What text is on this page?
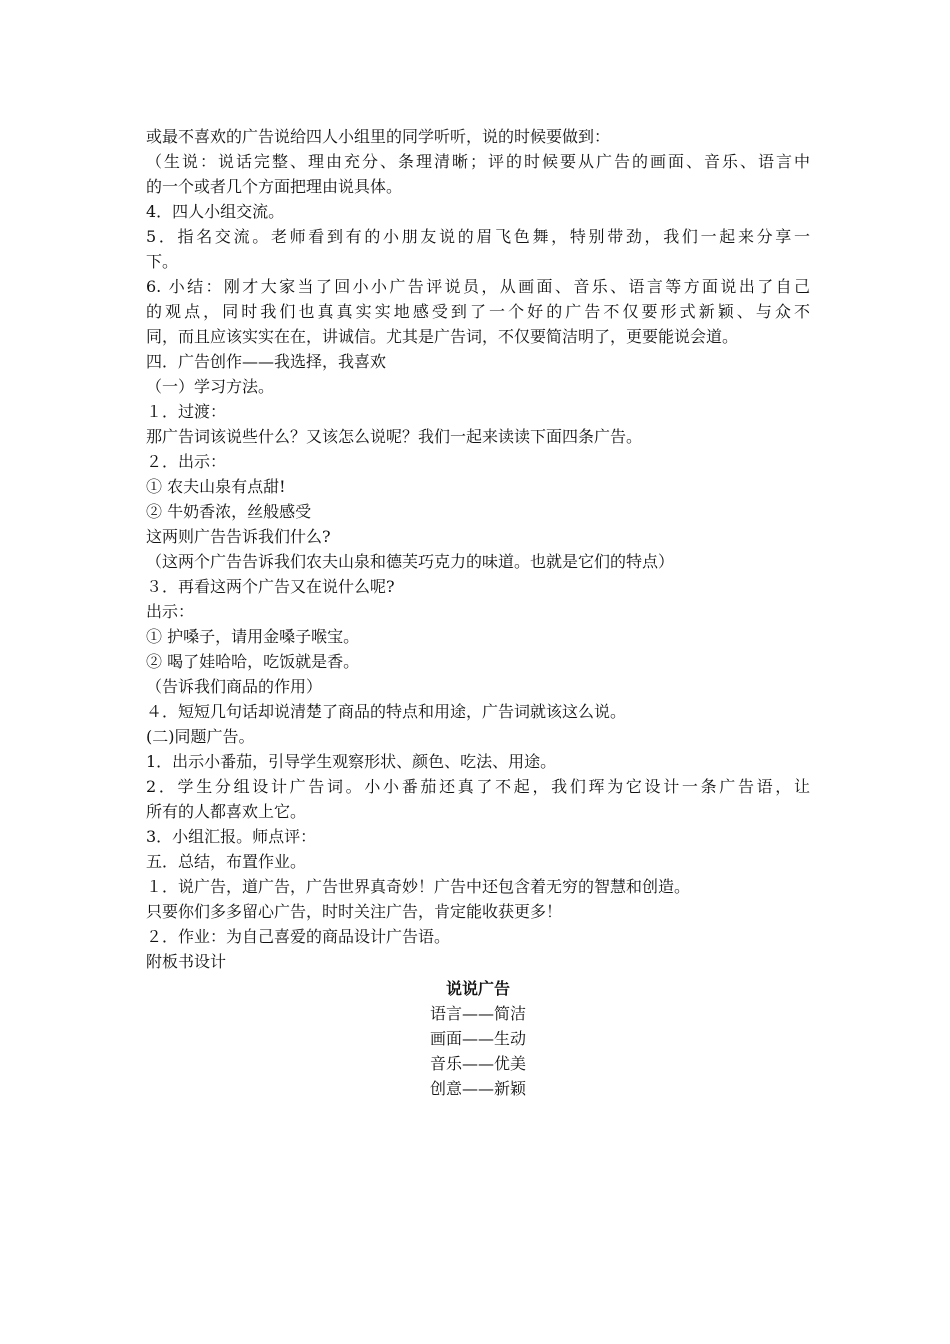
或最不喜欢的广告说给四人小组里的同学听听，说的时候要做到：
（生说：说话完整、理由充分、条理清晰；评的时候要从广告的画面、音乐、语言中
的一个或者几个方面把理由说具体。
4．四人小组交流。
5．指名交流。老师看到有的小朋友说的眉飞色舞，特别带劲，我们一起来分享一
下。
6. 小结：刚才大家当了回小小广告评说员，从画面、音乐、语言等方面说出了自己
的观点，同时我们也真真实实地感受到了一个好的广告不仅要形式新颖、与众不
同，而且应该实实在在，讲诚信。尤其是广告词，不仅要简洁明了，更要能说会道。
四．广告创作——我选择，我喜欢
（一）学习方法。
１．过渡：
那广告词该说些什么？又该怎么说呢？我们一起来读读下面四条广告。
２．出示：
① 农夫山泉有点甜!
② 牛奶香浓，丝般感受
这两则广告告诉我们什么?
（这两个广告告诉我们农夫山泉和德芙巧克力的味道。也就是它们的特点）
３．再看这两个广告又在说什么呢?
出示：
① 护嗓子，请用金嗓子喉宝。
② 喝了娃哈哈，吃饭就是香。
（告诉我们商品的作用）
４．短短几句话却说清楚了商品的特点和用途，广告词就该这么说。
(二)同题广告。
1．出示小番茄，引导学生观察形状、颜色、吃法、用途。
2．学生分组设计广告词。小小番茄还真了不起，我们珲为它设计一条广告语，让
所有的人都喜欢上它。
3．小组汇报。师点评：
五．总结，布置作业。
１．说广告，道广告，广告世界真奇妙！广告中还包含着无穷的智慧和创造。
只要你们多多留心广告，时时关注广告，肯定能收获更多！
２．作业：为自己喜爱的商品设计广告语。
附板书设计
说说广告
语言——简洁
画面——生动
音乐——优美
创意——新颖
